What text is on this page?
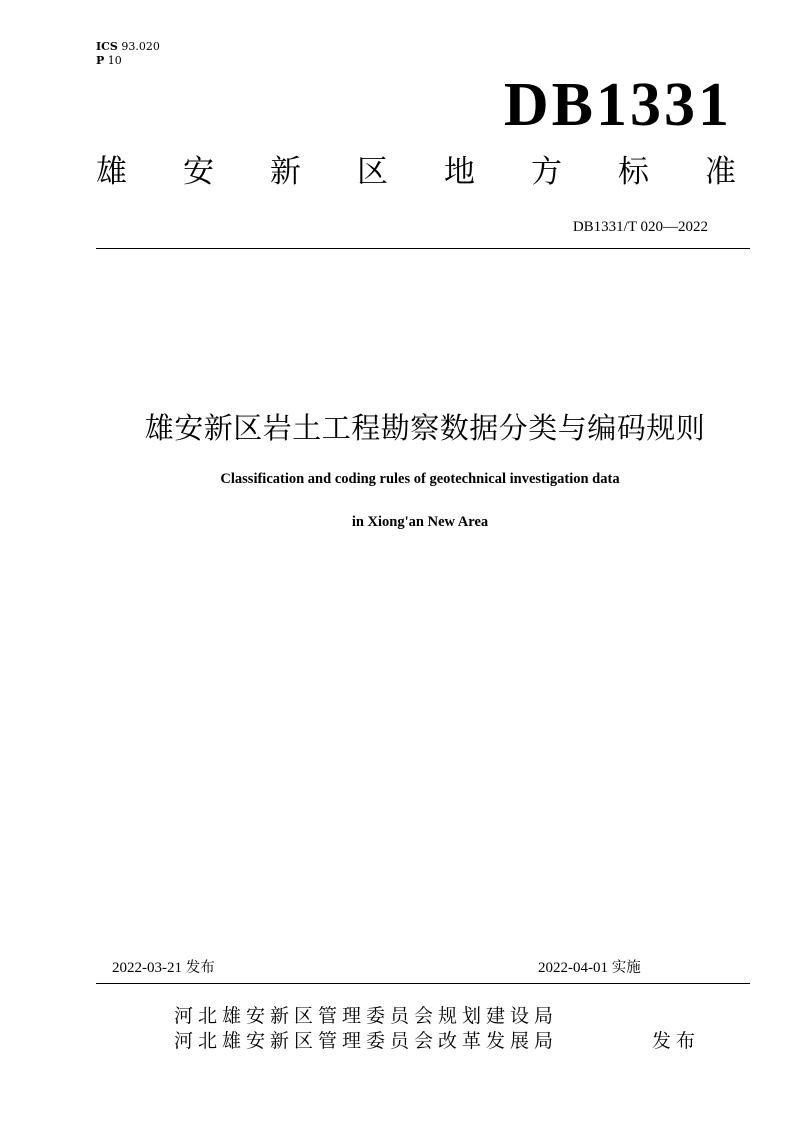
ICS 93.020
P 10
DB1331
雄 安 新 区 地 方 标 准
DB1331/T 020—2022
雄安新区岩土工程勘察数据分类与编码规则
Classification and coding rules of geotechnical investigation data
in Xiong'an New Area
2022-03-21 发布	2022-04-01 实施
河北雄安新区管理委员会规划建设局
河北雄安新区管理委员会改革发展局	发布
